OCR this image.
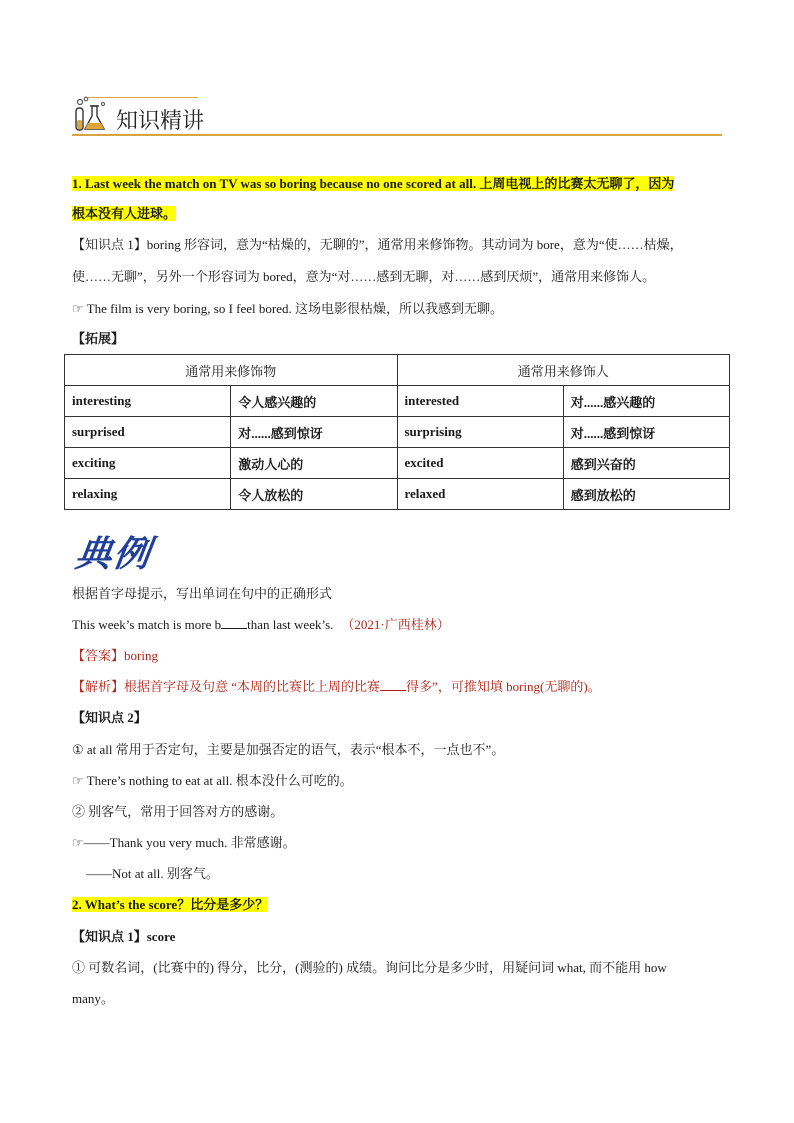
知识精讲
1. Last week the match on TV was so boring because no one scored at all. 上周电视上的比赛太无聊了，因为
根本没有人进球。
【知识点 1】boring 形容词，意为“枯燥的，无聊的”，通常用来修饰物。其动词为 bore，意为“使……枯燥，
使……无聊”，另外一个形容词为 bored，意为“对……感到无聊，对……感到厌烦”，通常用来修饰人。
☞ The film is very boring, so I feel bored. 这场电影很枯燥，所以我感到无聊。
【拓展】
通常用来修饰物		通常用来修饰人	
interesting	令人感兴趣的	interested	对......感兴趣的
surprised	对......感到惊讶	surprising	对......感到惊讶
exciting	激动人心的	excited	感到兴奋的
relaxing	令人放松的	relaxed	感到放松的
典例
根据首字母提示，写出单词在句中的正确形式
This week’s match is more b than last week’s. （2021·广西桂林）
【答案】boring
【解析】根据首字母及句意 “本周的比赛比上周的比赛 得多”，可推知填 boring(无聊的)。
【知识点 2】
① at all 常用于否定句，主要是加强否定的语气，表示“根本不，一点也不”。
☞ There’s nothing to eat at all. 根本没什么可吃的。
② 别客气，常用于回答对方的感谢。
☞——Thank you very much. 非常感谢。
——Not at all. 别客气。
2. What’s the score？比分是多少？
【知识点 1】score
① 可数名词，(比赛中的) 得分，比分，(测验的) 成绩。询问比分是多少时，用疑问词 what, 而不能用 how
many。
